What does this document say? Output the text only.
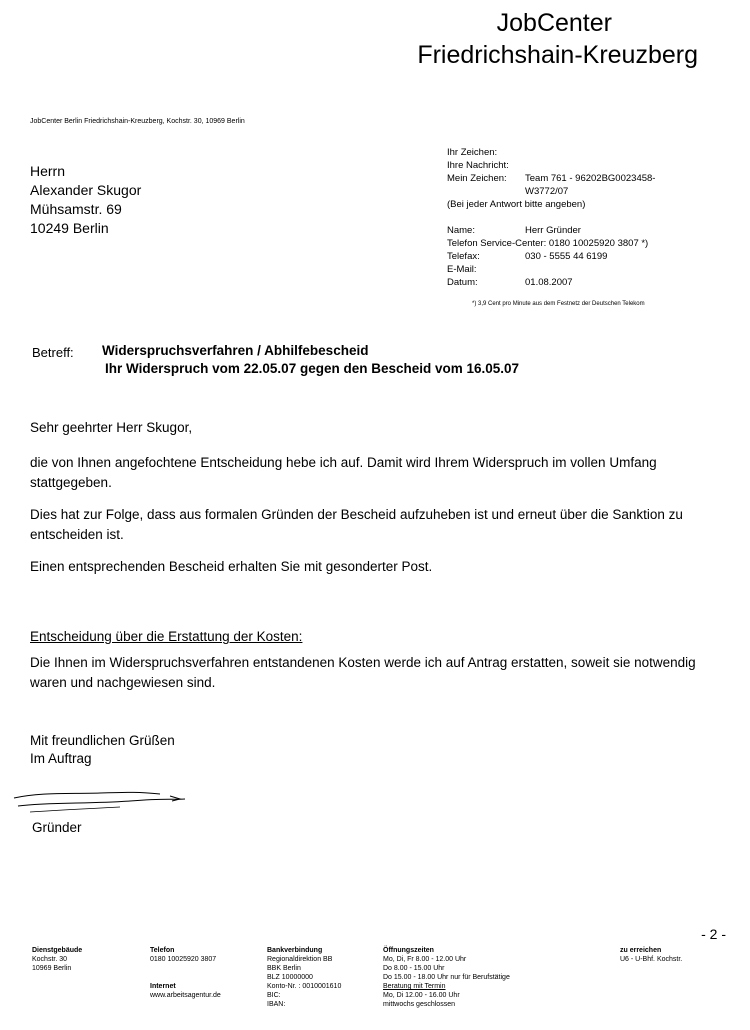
JobCenter
Friedrichshain-Kreuzberg
JobCenter Berlin Friedrichshain-Kreuzberg, Kochstr. 30, 10969 Berlin
Herrn
Alexander Skugor
Mühsamstr. 69
10249 Berlin
Ihr Zeichen:
Ihre Nachricht:
Mein Zeichen:	Team 761 - 96202BG0023458-
W3772/07
(Bei jeder Antwort bitte angeben)
Name:	Herr Gründer
Telefon Service-Center: 0180 10025920 3807 *)
Telefax:	030 - 5555 44 6199
E-Mail:
Datum:	01.08.2007
*) 3,9 Cent pro Minute aus dem Festnetz der Deutschen Telekom
Betreff: Widerspruchsverfahren / Abhilfebescheid
Ihr Widerspruch vom 22.05.07 gegen den Bescheid vom 16.05.07
Sehr geehrter Herr Skugor,
die von Ihnen angefochtene Entscheidung hebe ich auf. Damit wird Ihrem Widerspruch im vollen Umfang stattgegeben.
Dies hat zur Folge, dass aus formalen Gründen der Bescheid aufzuheben ist und erneut über die Sanktion zu entscheiden ist.
Einen entsprechenden Bescheid erhalten Sie mit gesonderter Post.
Entscheidung über die Erstattung der Kosten:
Die Ihnen im Widerspruchsverfahren entstandenen Kosten werde ich auf Antrag erstatten, soweit sie notwendig waren und nachgewiesen sind.
Mit freundlichen Grüßen
Im Auftrag
Gründer
- 2 -
Dienstgebäude
Kochstr. 30
10969 Berlin
Telefon
0180 10025920 3807
Internet
www.arbeitsagentur.de
Bankverbindung
Regionaldirektion BB
BBK Berlin
BLZ 10000000
Konto-Nr. : 0010001610
BIC:
IBAN:
Öffnungszeiten
Mo, Di, Fr 8.00 - 12.00 Uhr
Do 8.00 - 15.00 Uhr
Do 15.00 - 18.00 Uhr nur für Berufstätige
Beratung mit Termin
Mo, Di 12.00 - 16.00 Uhr
mittwochs geschlossen
zu erreichen
U6 - U-Bhf. Kochstr.
